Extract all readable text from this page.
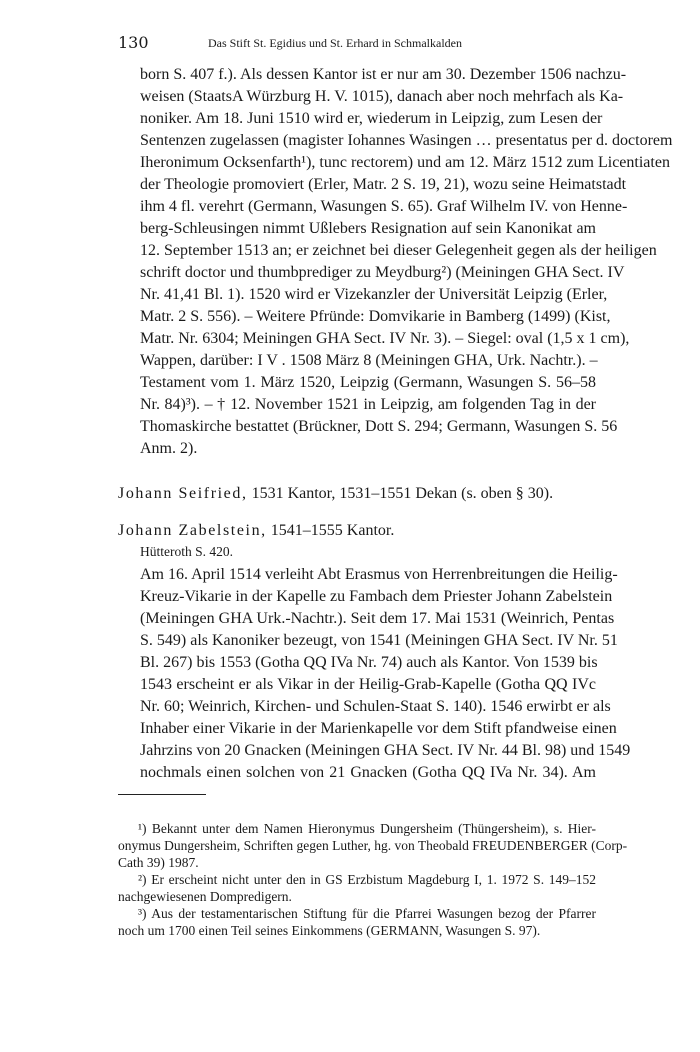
130	Das Stift St. Egidius und St. Erhard in Schmalkalden
born S. 407 f.). Als dessen Kantor ist er nur am 30. Dezember 1506 nachzu-
weisen (StaatsA Würzburg H. V. 1015), danach aber noch mehrfach als Ka-
noniker. Am 18. Juni 1510 wird er, wiederum in Leipzig, zum Lesen der
Sentenzen zugelassen (magister Iohannes Wasingen … presentatus per d. doctorem
Iheronimum Ocksenfarth¹), tunc rectorem) und am 12. März 1512 zum Licentiaten
der Theologie promoviert (Erler, Matr. 2 S. 19, 21), wozu seine Heimatstadt
ihm 4 fl. verehrt (Germann, Wasungen S. 65). Graf Wilhelm IV. von Henne-
berg-Schleusingen nimmt Ußlebers Resignation auf sein Kanonikat am
12. September 1513 an; er zeichnet bei dieser Gelegenheit gegen als der heiligen
schrift doctor und thumbprediger zu Meydburg²) (Meiningen GHA Sect. IV
Nr. 41,41 Bl. 1). 1520 wird er Vizekanzler der Universität Leipzig (Erler,
Matr. 2 S. 556). – Weitere Pfründe: Domvikarie in Bamberg (1499) (Kist,
Matr. Nr. 6304; Meiningen GHA Sect. IV Nr. 3). – Siegel: oval (1,5 x 1 cm),
Wappen, darüber: I V . 1508 März 8 (Meiningen GHA, Urk. Nachtr.). –
Testament vom 1. März 1520, Leipzig (Germann, Wasungen S. 56–58
Nr. 84)³). – † 12. November 1521 in Leipzig, am folgenden Tag in der
Thomaskirche bestattet (Brückner, Dott S. 294; Germann, Wasungen S. 56
Anm. 2).
Johann Seifried, 1531 Kantor, 1531–1551 Dekan (s. oben § 30).
Johann Zabelstein, 1541–1555 Kantor.
Hütteroth S. 420.
Am 16. April 1514 verleiht Abt Erasmus von Herrenbreitungen die Heilig-
Kreuz-Vikarie in der Kapelle zu Fambach dem Priester Johann Zabelstein
(Meiningen GHA Urk.-Nachtr.). Seit dem 17. Mai 1531 (Weinrich, Pentas
S. 549) als Kanoniker bezeugt, von 1541 (Meiningen GHA Sect. IV Nr. 51
Bl. 267) bis 1553 (Gotha QQ IVa Nr. 74) auch als Kantor. Von 1539 bis
1543 erscheint er als Vikar in der Heilig-Grab-Kapelle (Gotha QQ IVc
Nr. 60; Weinrich, Kirchen- und Schulen-Staat S. 140). 1546 erwirbt er als
Inhaber einer Vikarie in der Marienkapelle vor dem Stift pfandweise einen
Jahrzins von 20 Gnacken (Meiningen GHA Sect. IV Nr. 44 Bl. 98) und 1549
nochmals einen solchen von 21 Gnacken (Gotha QQ IVa Nr. 34). Am
¹) Bekannt unter dem Namen Hieronymus Dungersheim (Thüngersheim), s. Hier-
onymus Dungersheim, Schriften gegen Luther, hg. von Theobald FREUDENBERGER (Corp-
Cath 39) 1987.
²) Er erscheint nicht unter den in GS Erzbistum Magdeburg I, 1. 1972 S. 149–152
nachgewiesenen Dompredigern.
³) Aus der testamentarischen Stiftung für die Pfarrei Wasungen bezog der Pfarrer
noch um 1700 einen Teil seines Einkommens (GERMANN, Wasungen S. 97).
